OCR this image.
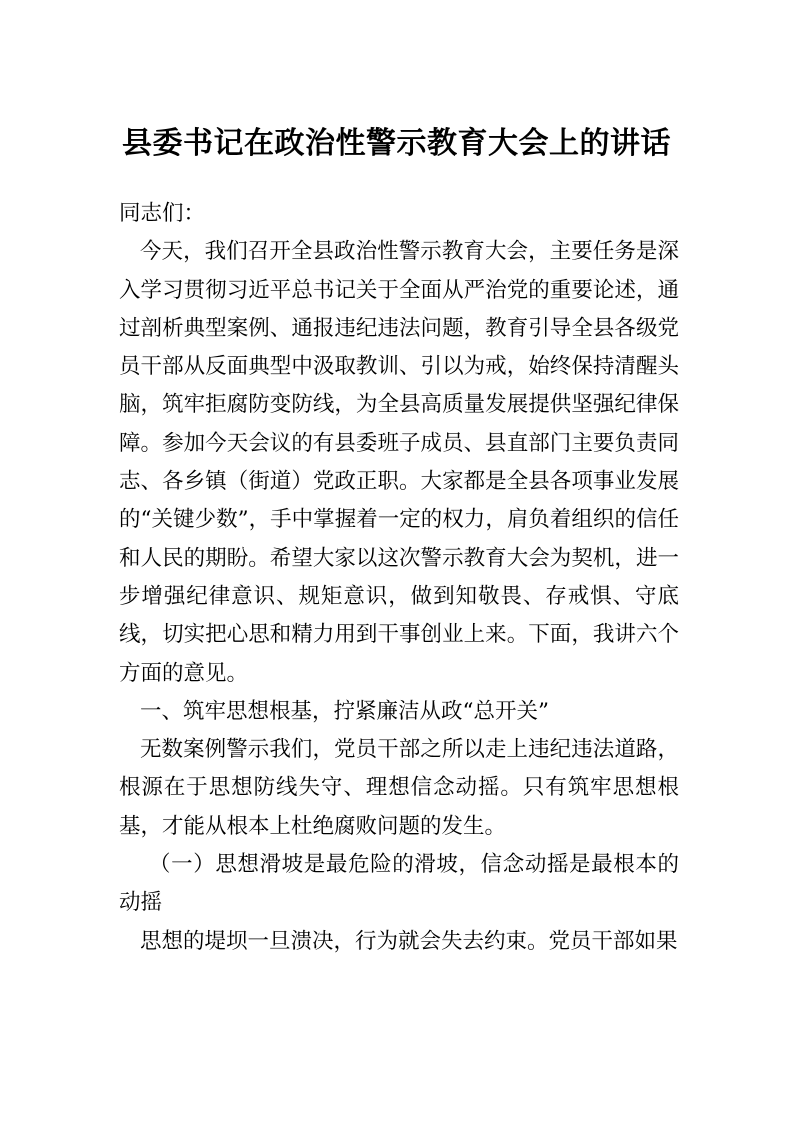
县委书记在政治性警示教育大会上的讲话

同志们：

今天，我们召开全县政治性警示教育大会，主要任务是深入学习贯彻习近平总书记关于全面从严治党的重要论述，通过剖析典型案例、通报违纪违法问题，教育引导全县各级党员干部从反面典型中汲取教训、引以为戒，始终保持清醒头脑，筑牢拒腐防变防线，为全县高质量发展提供坚强纪律保障。参加今天会议的有县委班子成员、县直部门主要负责同志、各乡镇（街道）党政正职。大家都是全县各项事业发展的“关键少数”，手中掌握着一定的权力，肩负着组织的信任和人民的期盼。希望大家以这次警示教育大会为契机，进一步增强纪律意识、规矩意识，做到知敬畏、存戒惧、守底线，切实把心思和精力用到干事创业上来。下面，我讲六个方面的意见。

一、筑牢思想根基，拧紧廉洁从政“总开关”

无数案例警示我们，党员干部之所以走上违纪违法道路，根源在于思想防线失守、理想信念动摇。只有筑牢思想根基，才能从根本上杜绝腐败问题的发生。

（一）思想滑坡是最危险的滑坡，信念动摇是最根本的动摇

思想的堤坝一旦溃决，行为就会失去约束。党员干部如果
